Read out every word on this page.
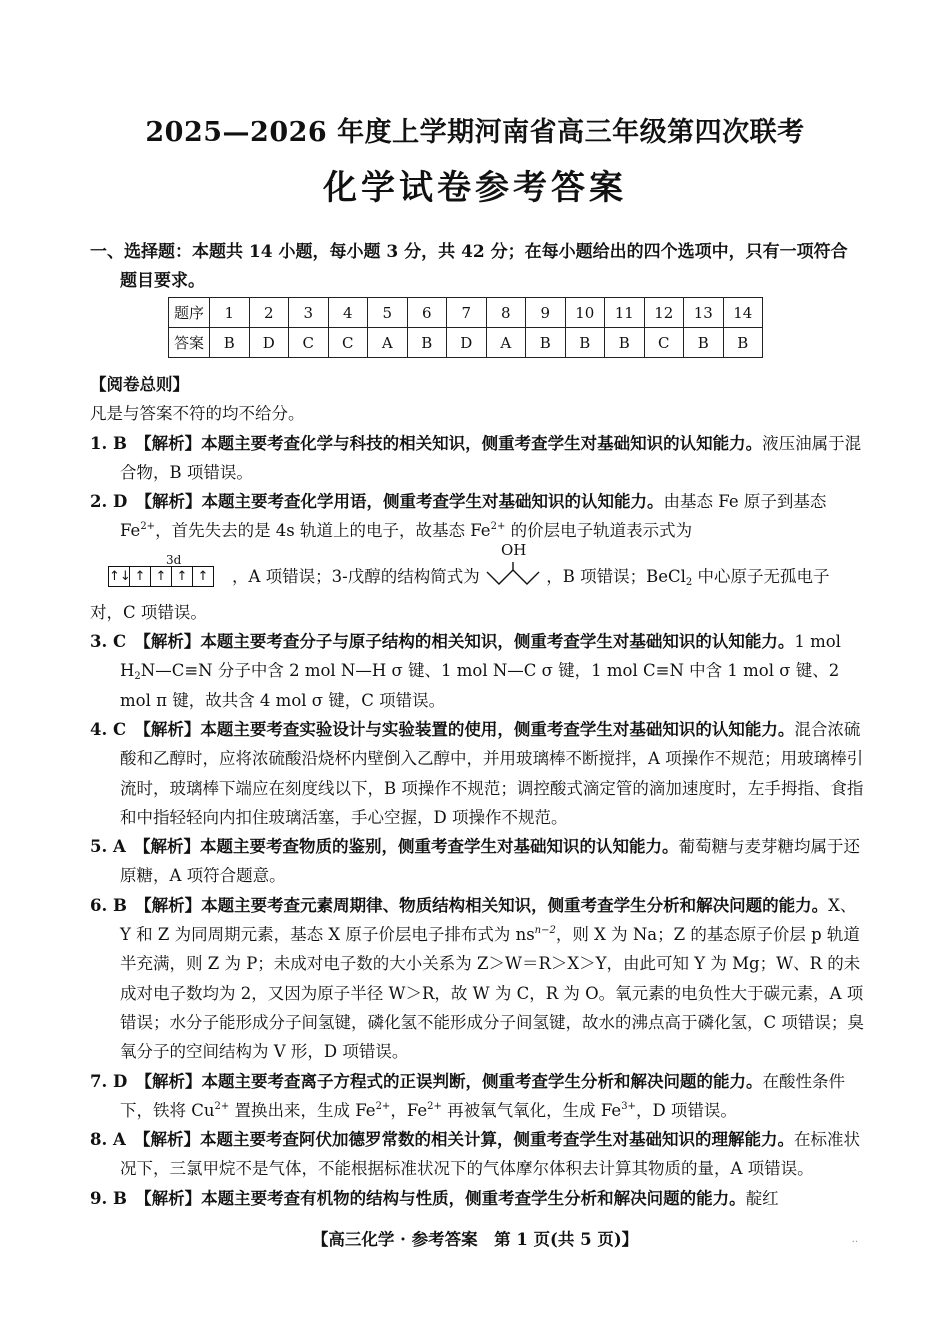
2025—2026 年度上学期河南省高三年级第四次联考
化学试卷参考答案
一、选择题：本题共 14 小题，每小题 3 分，共 42 分；在每小题给出的四个选项中，只有一项符合
题目要求。
题序	1	2	3	4	5	6	7	8	9	10	11	12	13	14
答案	B	D	C	C	A	B	D	A	B	B	B	C	B	B

【阅卷总则】

凡是与答案不符的均不给分。

1. B　【解析】本题主要考查化学与科技的相关知识，侧重考查学生对基础知识的认知能力。液压油属于混合物，B 项错误。

2. D　【解析】本题主要考查化学用语，侧重考查学生对基础知识的认知能力。由基态 Fe 原子到基态 $Fe^{2+}$，首先失去的是 4s 轨道上的电子，故基态 $Fe^{2+}$ 的价层电子轨道表示式为

3d
↑↓ ↑ ↑ ↑ ↑ ，A 项错误；3-戊醇的结构简式为
OH
，B 项错误；BeCl$_2$ 中心原子无孤电子

对，C 项错误。

3. C　【解析】本题主要考查分子与原子结构的相关知识，侧重考查学生对基础知识的认知能力。1 mol $H_2N—C\equiv N$ 分子中含 2 mol N—H σ 键、1 mol N—C σ 键，1 mol C≡N 中含 1 mol σ 键、2 mol π 键，故共含 4 mol σ 键，C 项错误。

4. C　【解析】本题主要考查实验设计与实验装置的使用，侧重考查学生对基础知识的认知能力。混合浓硫酸和乙醇时，应将浓硫酸沿烧杯内壁倒入乙醇中，并用玻璃棒不断搅拌，A 项操作不规范；用玻璃棒引流时，玻璃棒下端应在刻度线以下，B 项操作不规范；调控酸式滴定管的滴加速度时，左手拇指、食指和中指轻轻向内扣住玻璃活塞，手心空握，D 项操作不规范。

5. A　【解析】本题主要考查物质的鉴别，侧重考查学生对基础知识的认知能力。葡萄糖与麦芽糖均属于还原糖，A 项符合题意。

6. B　【解析】本题主要考查元素周期律、物质结构相关知识，侧重考查学生分析和解决问题的能力。X、Y 和 Z 为同周期元素，基态 X 原子价层电子排布式为 $ns^{n-2}$，则 X 为 Na；Z 的基态原子价层 p 轨道半充满，则 Z 为 P；未成对电子数的大小关系为 Z＞W＝R＞X＞Y，由此可知 Y 为 Mg；W、R 的未成对电子数均为 2，又因为原子半径 W＞R，故 W 为 C，R 为 O。氧元素的电负性大于碳元素，A 项错误；水分子能形成分子间氢键，磷化氢不能形成分子间氢键，故水的沸点高于磷化氢，C 项错误；臭氧分子的空间结构为 V 形，D 项错误。

7. D　【解析】本题主要考查离子方程式的正误判断，侧重考查学生分析和解决问题的能力。在酸性条件下，铁将 $Cu^{2+}$ 置换出来，生成 $Fe^{2+}$，$Fe^{2+}$ 再被氧气氧化，生成 $Fe^{3+}$，D 项错误。

8. A　【解析】本题主要考查阿伏加德罗常数的相关计算，侧重考查学生对基础知识的理解能力。在标准状况下，三氯甲烷不是气体，不能根据标准状况下的气体摩尔体积去计算其物质的量，A 项错误。

9. B　【解析】本题主要考查有机物的结构与性质，侧重考查学生分析和解决问题的能力。靛红

【高三化学 · 参考答案　第 1 页(共 5 页)】	..
